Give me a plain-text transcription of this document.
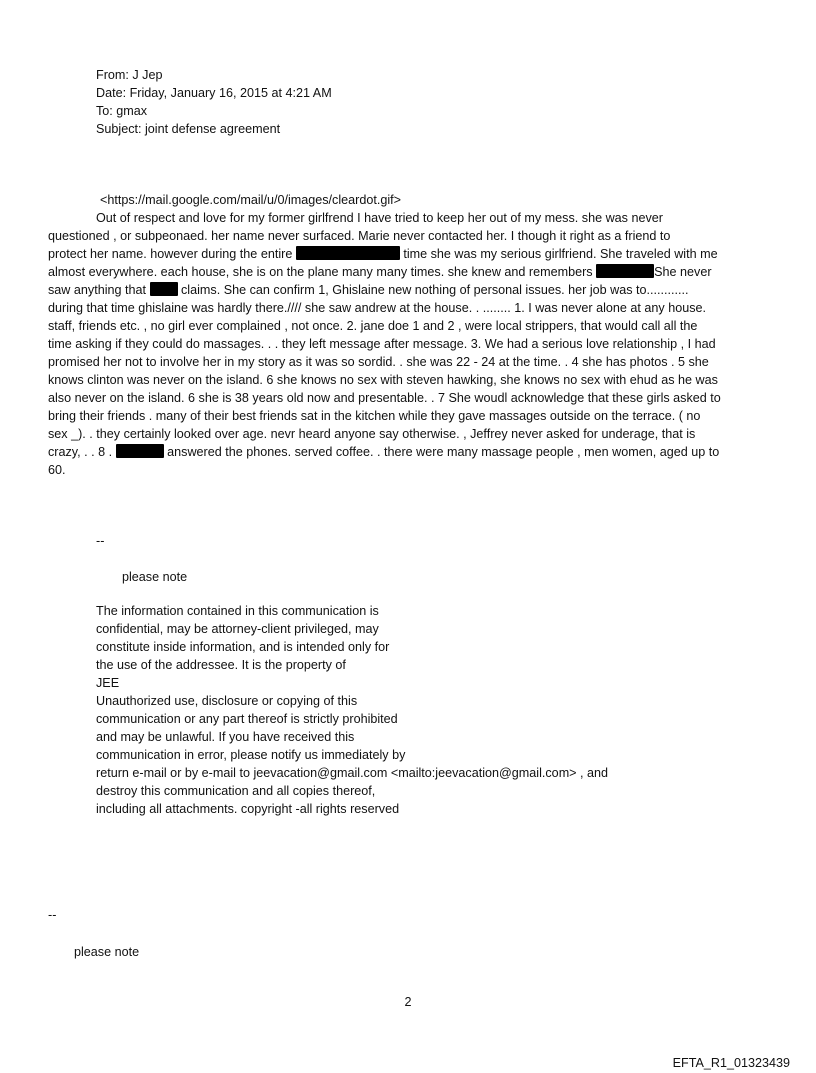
From: J Jep
Date: Friday, January 16, 2015 at 4:21 AM
To: gmax
Subject: joint defense agreement
<https://mail.google.com/mail/u/0/images/cleardot.gif>
Out of respect and love for my former girlfrend I have tried to keep her out of my mess. she was never
questioned , or subpeonaed. her name never surfaced. Marie never contacted her. I though it right as a friend to
protect her name. however during the entire	time she was my serious girlfriend. She traveled with me
almost everywhere. each house, she is on the plane many many times. she knew and remembers	She never
saw anything that  claims. She can confirm 1, Ghislaine new nothing of personal issues. her job was to............
during that time ghislaine was hardly there.//// she saw andrew at the house. . ........ 1. I was never alone at any house.
staff, friends etc. , no girl ever complained , not once. 2. jane doe 1 and 2 , were local strippers, that would call all the
time asking if they could do massages. . . they left message after message. 3. We had a serious love relationship , I had
promised her not to involve her in my story as it was so sordid. . she was 22 - 24 at the time. . 4 she has photos . 5 she
knows clinton was never on the island. 6 she knows no sex with steven hawking, she knows no sex with ehud as he was
also never on the island. 6 she is 38 years old now and presentable. . 7 She woudl acknowledge that these girls asked to
bring their friends . many of their best friends sat in the kitchen while they gave massages outside on the terrace. ( no
sex _). . they certainly looked over age. nevr heard anyone say otherwise. , Jeffrey never asked for underage, that is
crazy, . . 8 .	answered the phones. served coffee. . there were many massage people , men women, aged up to
60.
--
please note
The information contained in this communication is
confidential, may be attorney-client privileged, may
constitute inside information, and is intended only for
the use of the addressee. It is the property of
JEE
Unauthorized use, disclosure or copying of this
communication or any part thereof is strictly prohibited
and may be unlawful. If you have received this
communication in error, please notify us immediately by
return e-mail or by e-mail to jeevacation@gmail.com <mailto:jeevacation@gmail.com> , and
destroy this communication and all copies thereof,
including all attachments. copyright -all rights reserved
--
please note
2
EFTA_R1_01323439
